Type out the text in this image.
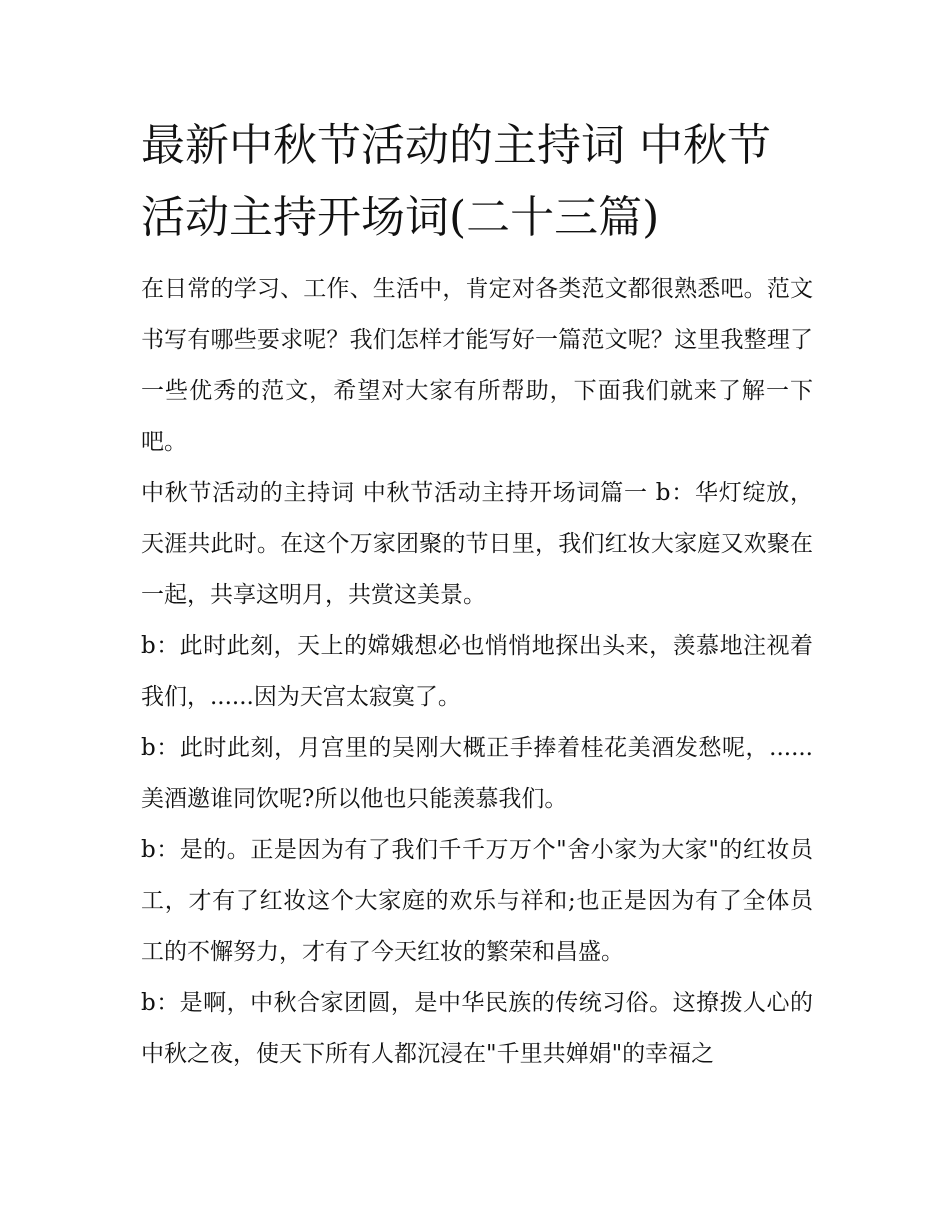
最新中秋节活动的主持词 中秋节活动主持开场词(二十三篇)

在日常的学习、工作、生活中，肯定对各类范文都很熟悉吧。范文书写有哪些要求呢？我们怎样才能写好一篇范文呢？这里我整理了一些优秀的范文，希望对大家有所帮助，下面我们就来了解一下吧。

中秋节活动的主持词 中秋节活动主持开场词篇一 b：华灯绽放，天涯共此时。在这个万家团聚的节日里，我们红妆大家庭又欢聚在一起，共享这明月，共赏这美景。

b：此时此刻，天上的嫦娥想必也悄悄地探出头来，羡慕地注视着我们，......因为天宫太寂寞了。

b：此时此刻，月宫里的吴刚大概正手捧着桂花美酒发愁呢，......美酒邀谁同饮呢?所以他也只能羡慕我们。

b：是的。正是因为有了我们千千万万个"舍小家为大家"的红妆员工，才有了红妆这个大家庭的欢乐与祥和;也正是因为有了全体员工的不懈努力，才有了今天红妆的繁荣和昌盛。

b：是啊，中秋合家团圆，是中华民族的传统习俗。这撩拨人心的中秋之夜，使天下所有人都沉浸在"千里共婵娟"的幸福之
